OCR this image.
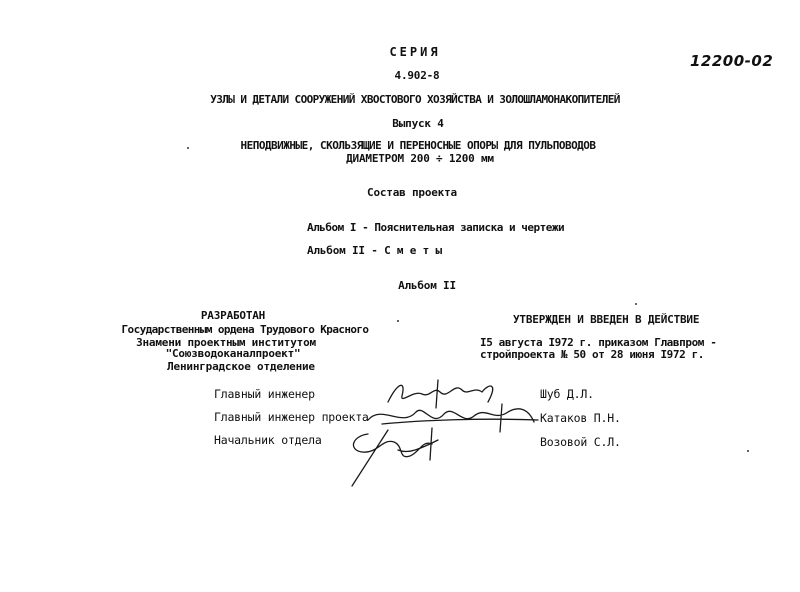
12200-02
СЕРИЯ
4.902-8
УЗЛЫ И ДЕТАЛИ СООРУЖЕНИЙ ХВОСТОВОГО ХОЗЯЙСТВА И ЗОЛОШЛАМОНАКОПИТЕЛЕЙ
Выпуск 4
НЕПОДВИЖНЫЕ, СКОЛЬЗЯЩИЕ И ПЕРЕНОСНЫЕ ОПОРЫ ДЛЯ ПУЛЬПОВОДОВ
ДИАМЕТРОМ 200 ÷ 1200 мм
Состав проекта
Альбом I - Пояснительная записка и чертежи
Альбом II - С м е т ы
Альбом II
РАЗРАБОТАН
Государственным ордена Трудового Красного
Знамени проектным институтом
"Союзводоканалпроект"
Ленинградское отделение
УТВЕРЖДЕН И ВВЕДЕН В ДЕЙСТВИЕ
I5 августа I972 г. приказом Главпром -
стройпроекта № 50 от 28 июня I972 г.
Главный инженер	Шуб Д.Л.
Главный инженер проекта	Катаков П.Н.
Начальник отдела	Возовой С.Л.
